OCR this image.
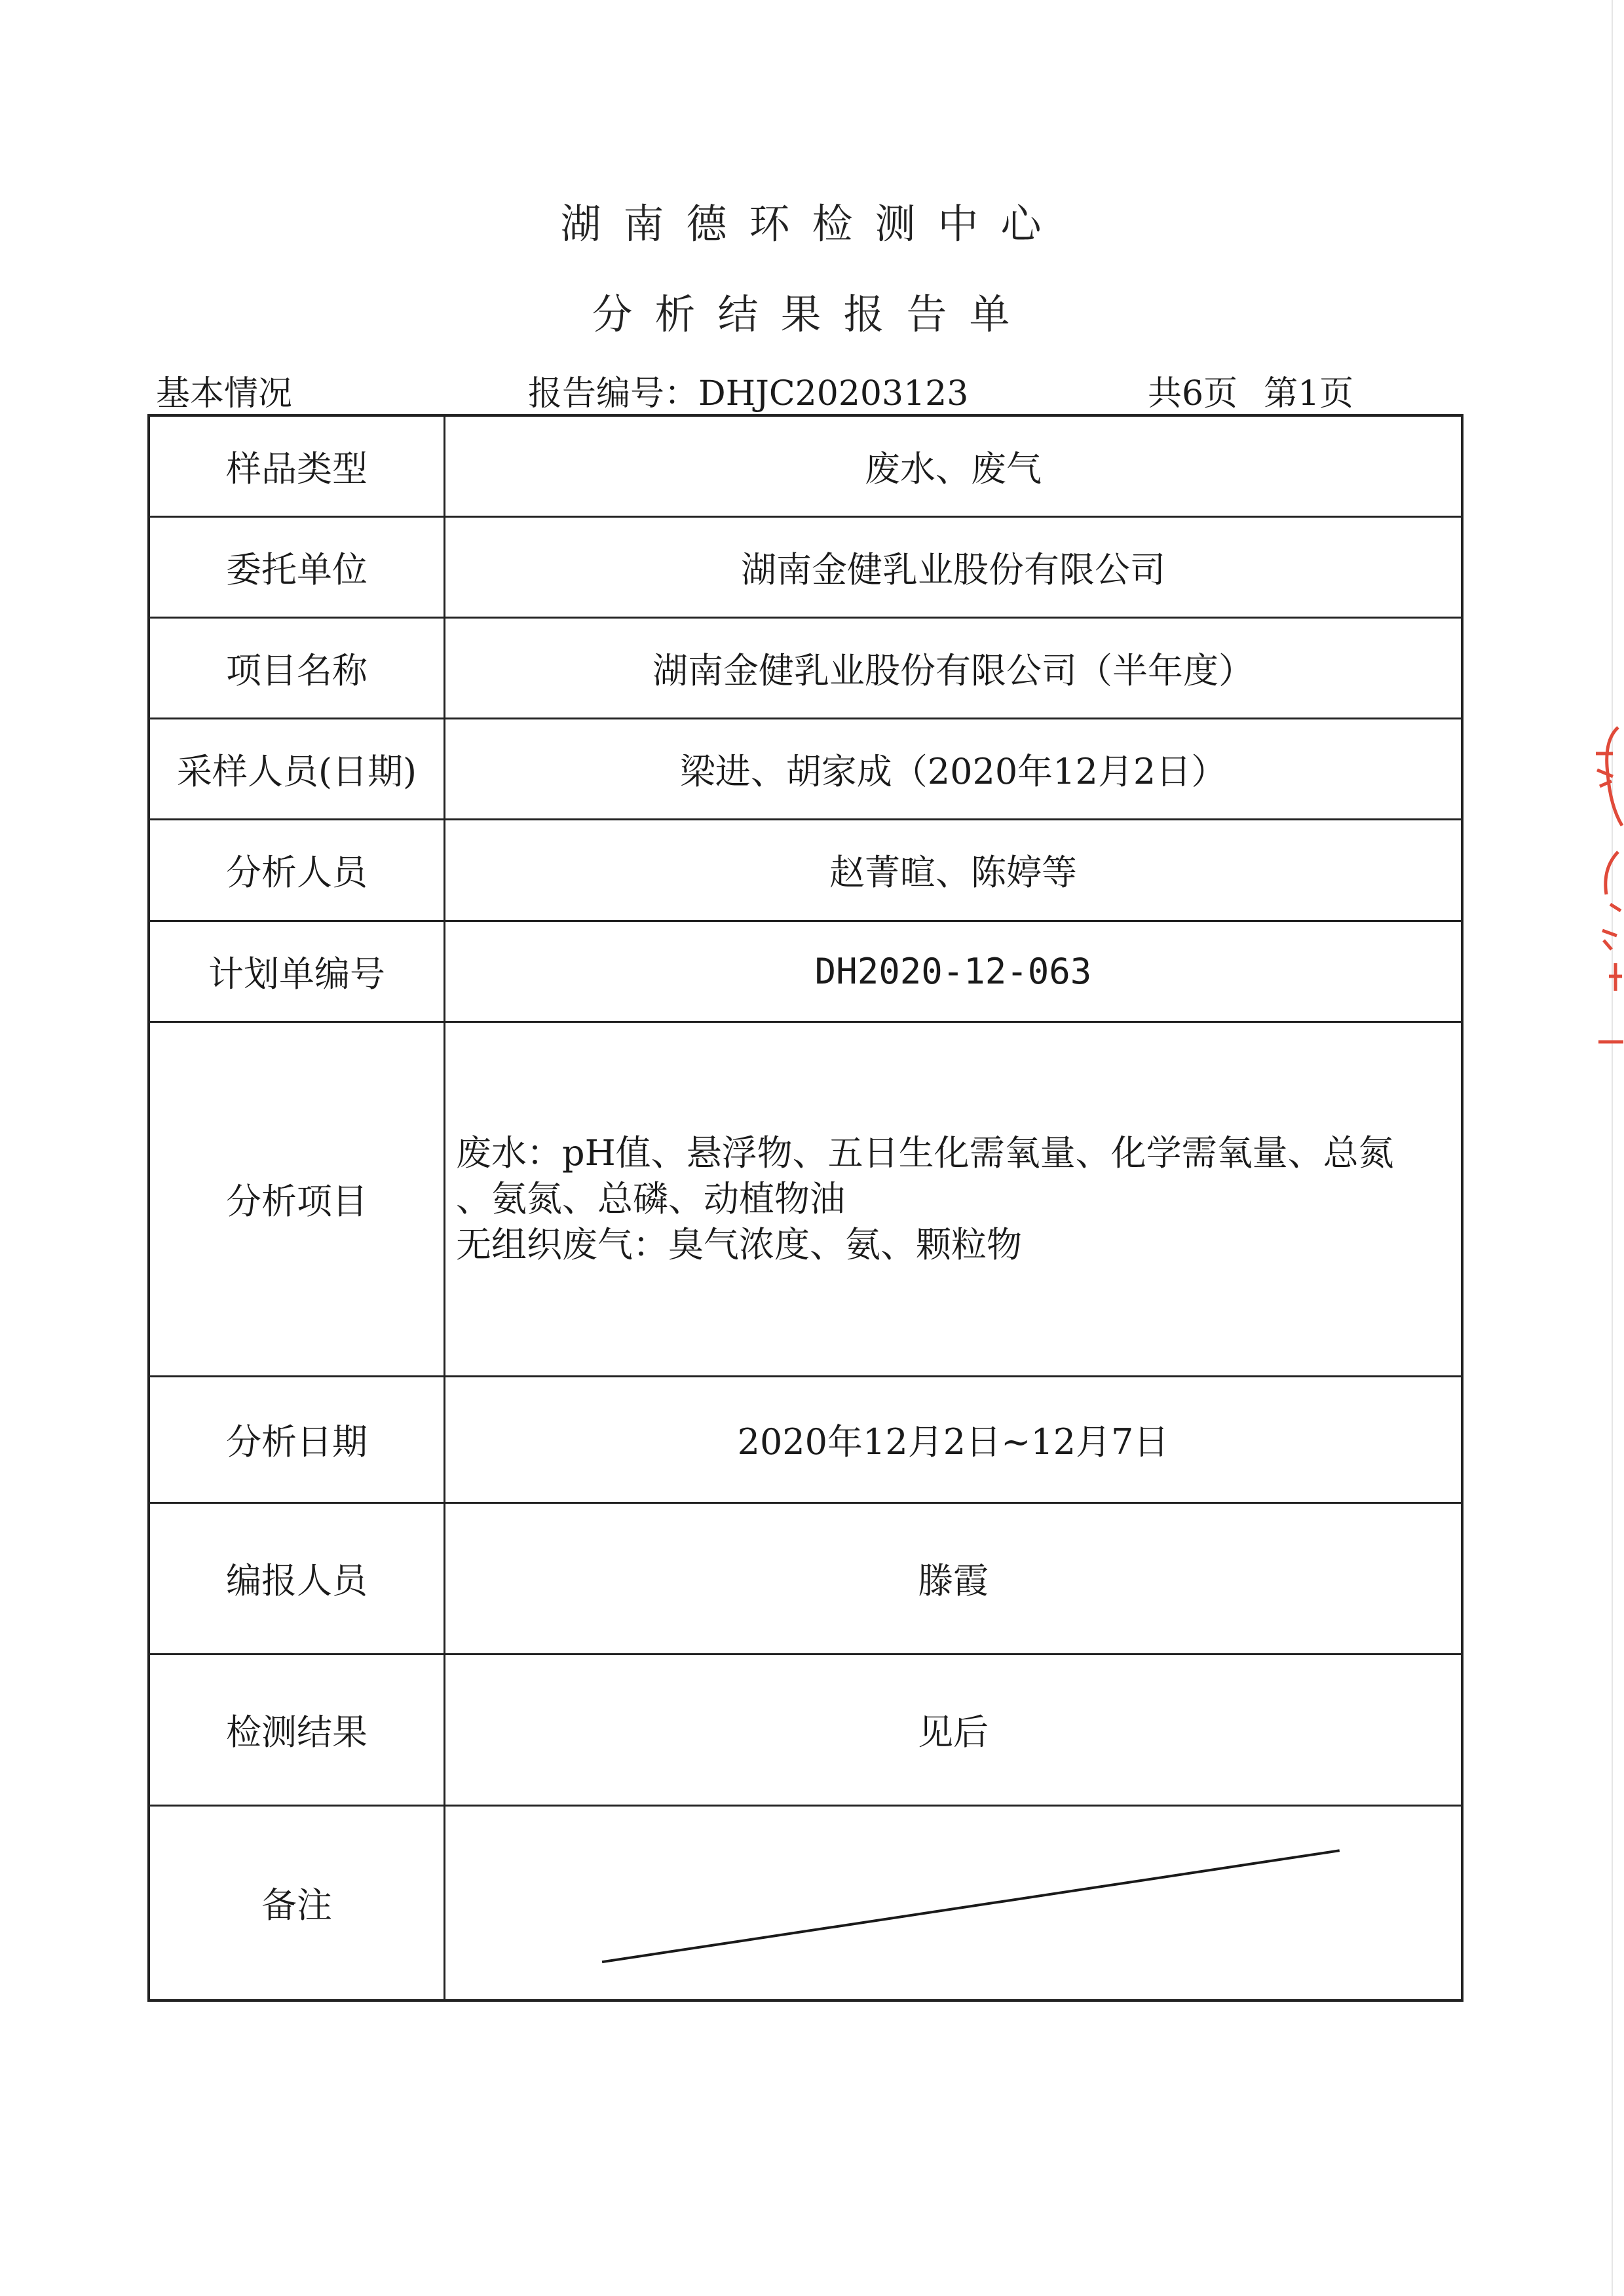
湖南德环检测中心
分析结果报告单
基本情况	报告编号：DHJC20203123	共6页 第1页
样品类型	废水、废气
委托单位	湖南金健乳业股份有限公司
项目名称	湖南金健乳业股份有限公司（半年度）
采样人员(日期)	梁进、胡家成（2020年12月2日）
分析人员	赵菁暄、陈婷等
计划单编号	DH2020-12-063
分析项目	废水：pH值、悬浮物、五日生化需氧量、化学需氧量、总氮
、氨氮、总磷、动植物油
无组织废气：臭气浓度、氨、颗粒物

分析日期	2020年12月2日~12月7日
编报人员	滕霞
检测结果	见后
备注	
